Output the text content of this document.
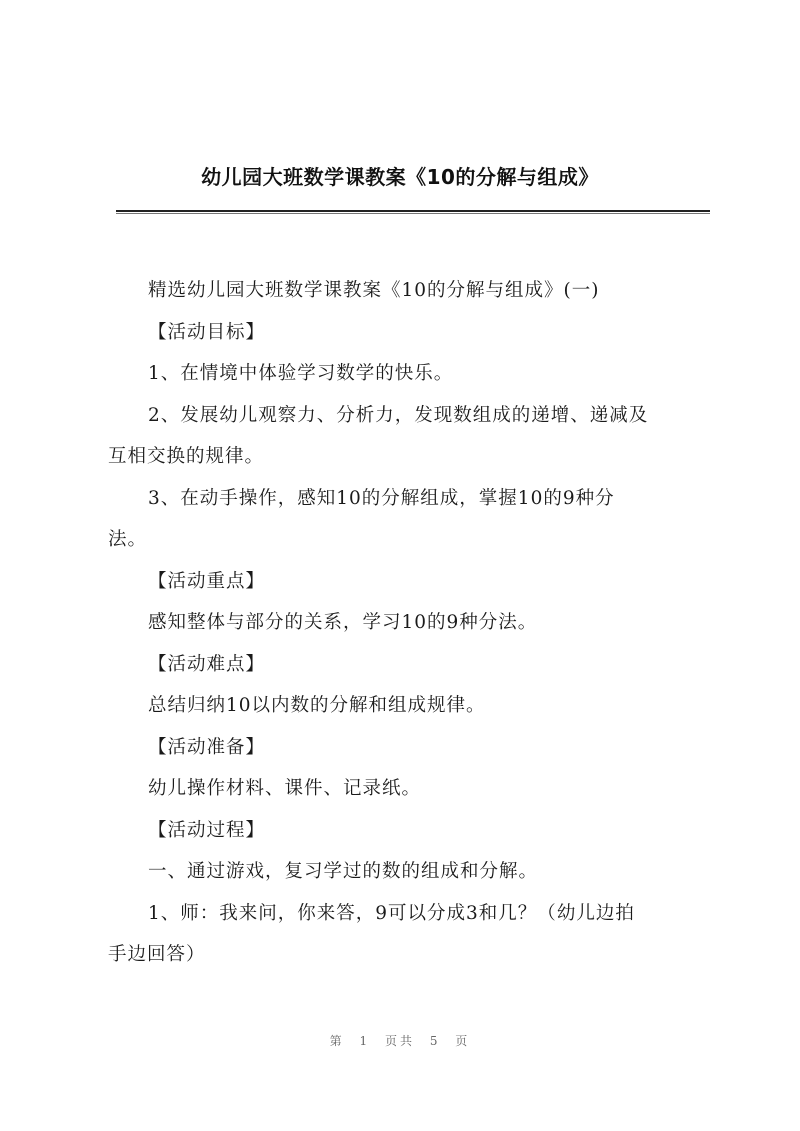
幼儿园大班数学课教案《10的分解与组成》

精选幼儿园大班数学课教案《10的分解与组成》(一)

【活动目标】

1、在情境中体验学习数学的快乐。

2、发展幼儿观察力、分析力，发现数组成的递增、递减及

互相交换的规律。

3、在动手操作，感知10的分解组成，掌握10的9种分

法。

【活动重点】

感知整体与部分的关系，学习10的9种分法。

【活动难点】

总结归纳10以内数的分解和组成规律。

【活动准备】

幼儿操作材料、课件、记录纸。

【活动过程】

一、通过游戏，复习学过的数的组成和分解。

1、师：我来问，你来答，9可以分成3和几？（幼儿边拍

手边回答）

第 1 页共 5 页
